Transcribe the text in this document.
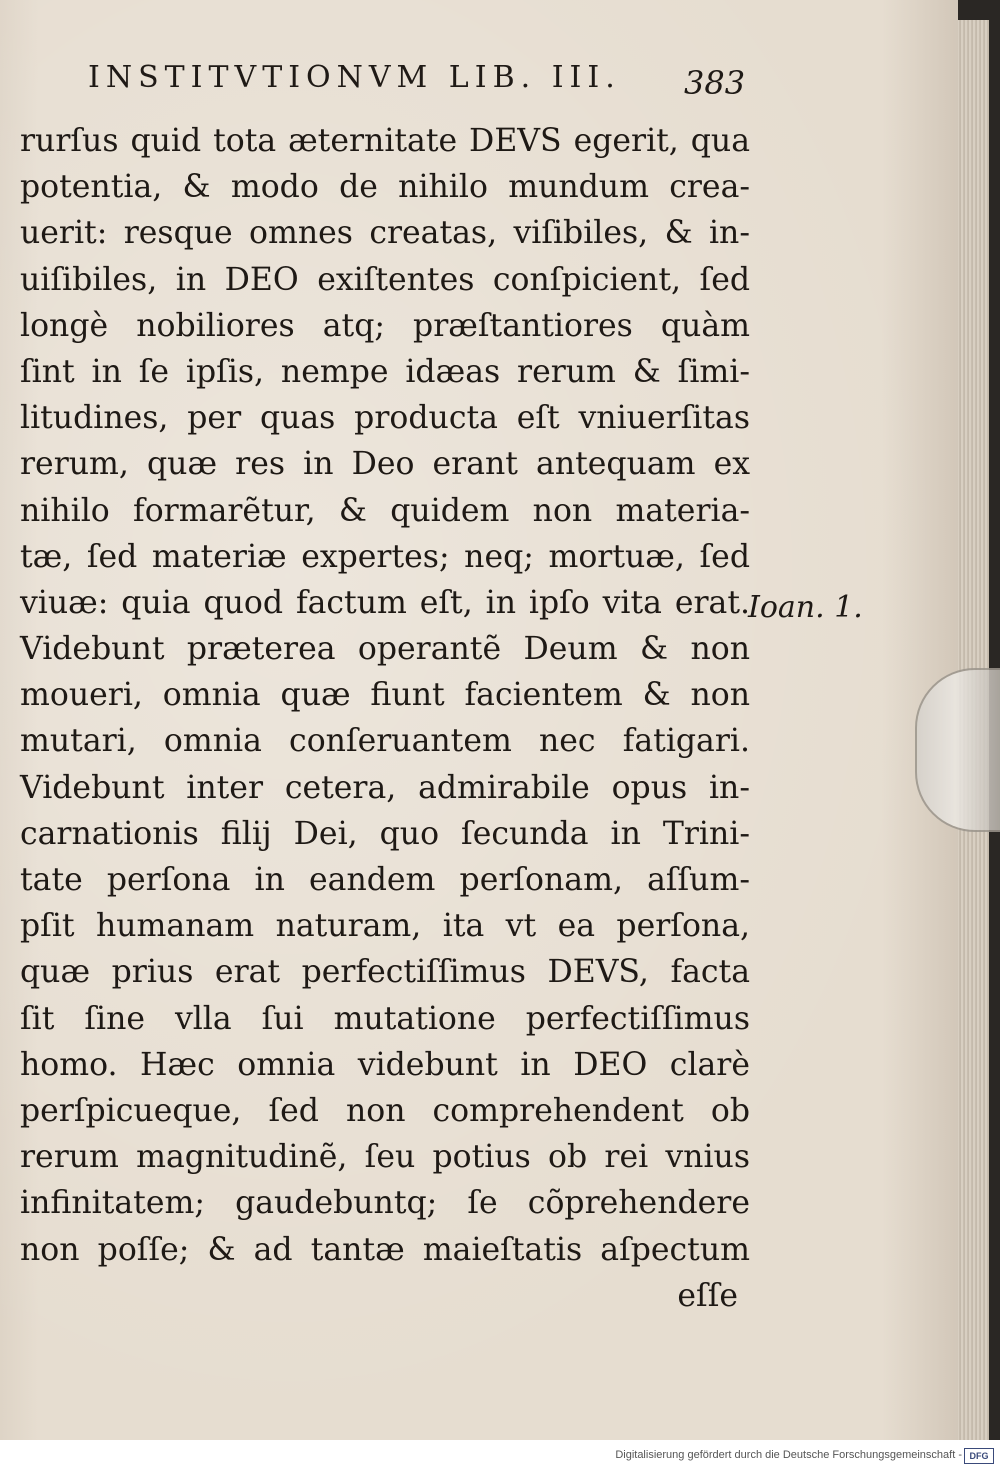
INSTITVTIONVM LIB. III. 383
rurſus quid tota æternitate DEVS egerit, qua
potentia, & modo de nihilo mundum crea-
uerit: resque omnes creatas, viſibiles, & in-
uiſibiles, in DEO exiſtentes conſpicient, ſed
longè nobiliores atq; præſtantiores quàm
ſint in ſe ipſis, nempe idæas rerum & ſimi-
litudines, per quas producta eſt vniuerſitas
rerum, quæ res in Deo erant antequam ex
nihilo formarẽtur, & quidem non materia-
tæ, ſed materiæ expertes; neq; mortuæ, ſed
viuæ: quia quod factum eſt, in ipſo vita erat.
Videbunt præterea operantẽ Deum & non
moueri, omnia quæ fiunt facientem & non
mutari, omnia conſeruantem nec fatigari.
Videbunt inter cetera, admirabile opus in-
carnationis filij Dei, quo ſecunda in Trini-
tate perſona in eandem perſonam, aſſum-
pſit humanam naturam, ita vt ea perſona,
quæ prius erat perfectiſſimus DEVS, facta
ſit ſine vlla ſui mutatione perfectiſſimus
homo. Hæc omnia videbunt in DEO clarè
perſpicueque, ſed non comprehendent ob
rerum magnitudinẽ, ſeu potius ob rei vnius
infinitatem; gaudebuntq; ſe cõprehendere
non poſſe; & ad tantæ maieſtatis aſpectum
eſſe
Ioan. 1.
Digitalisierung gefördert durch die Deutsche Forschungsgemeinschaft - DFG
